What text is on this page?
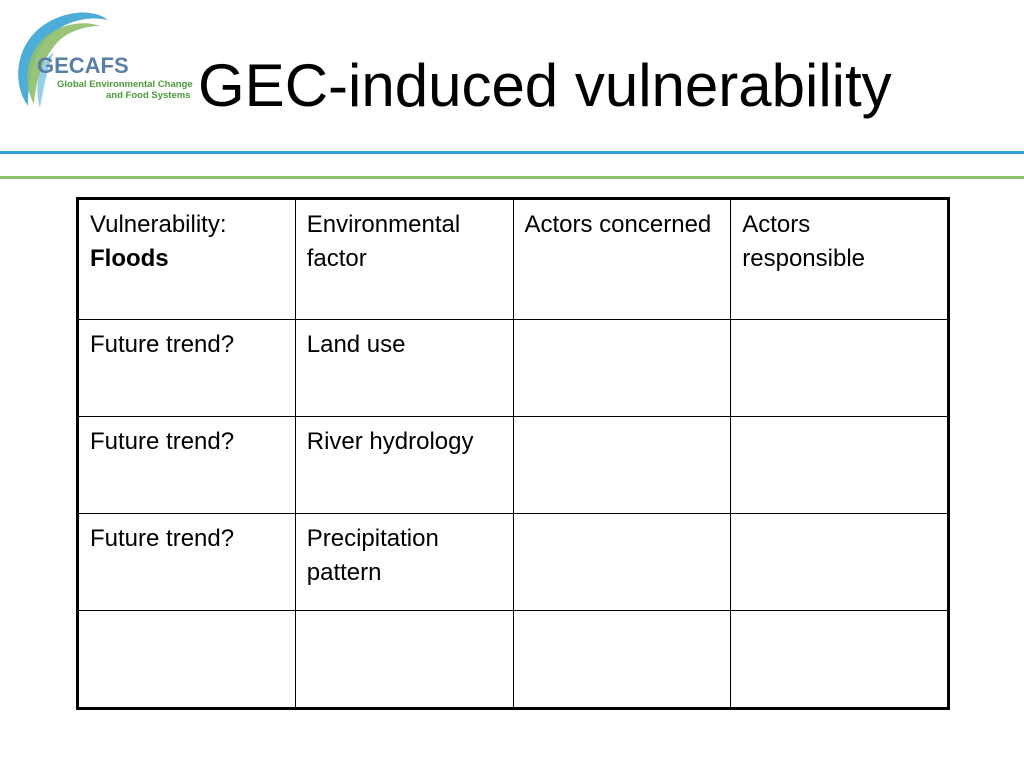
GECAFS
Global Environmental Change
and Food Systems GEC-induced vulnerability
Vulnerability:
Floods	Environmental factor	Actors concerned	Actors responsible
Future trend?	Land use		
Future trend?	River hydrology		
Future trend?	Precipitation pattern		
